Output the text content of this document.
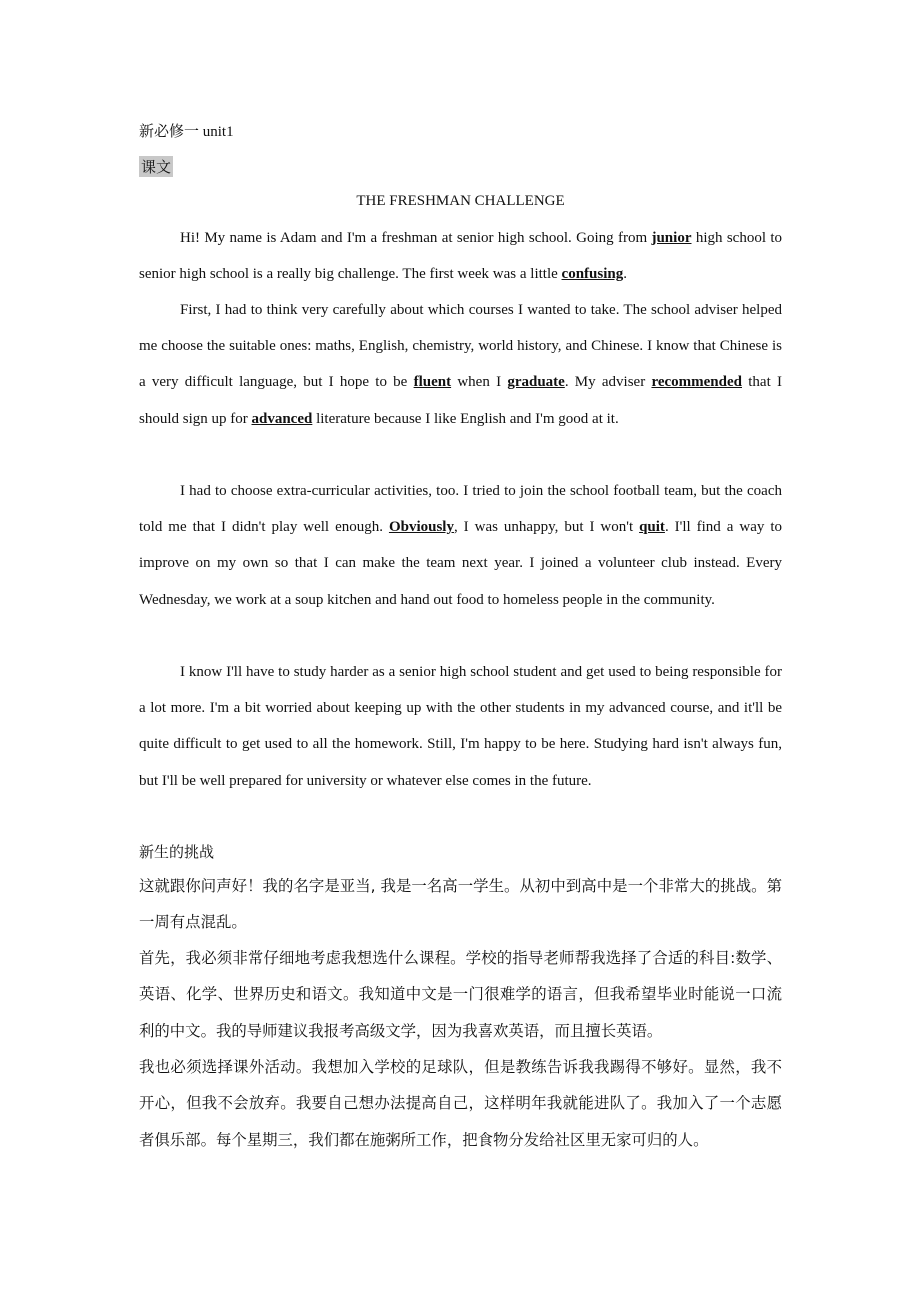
新必修一 unit1
课文
THE FRESHMAN CHALLENGE

Hi! My name is Adam and I'm a freshman at senior high school. Going from junior high school to senior high school is a really big challenge. The first week was a little confusing.

First, I had to think very carefully about which courses I wanted to take. The school adviser helped me choose the suitable ones: maths, English, chemistry, world history, and Chinese. I know that Chinese is a very difficult language, but I hope to be fluent when I graduate. My adviser recommended that I should sign up for advanced literature because I like English and I'm good at it.

I had to choose extra-curricular activities, too. I tried to join the school football team, but the coach told me that I didn't play well enough. Obviously, I was unhappy, but I won't quit. I'll find a way to improve on my own so that I can make the team next year. I joined a volunteer club instead. Every Wednesday, we work at a soup kitchen and hand out food to homeless people in the community.

I know I'll have to study harder as a senior high school student and get used to being responsible for a lot more. I'm a bit worried about keeping up with the other students in my advanced course, and it'll be quite difficult to get used to all the homework. Still, I'm happy to be here. Studying hard isn't always fun, but I'll be well prepared for university or whatever else comes in the future.

新生的挑战

这就跟你问声好！我的名字是亚当, 我是一名高一学生。从初中到高中是一个非常大的挑战。第一周有点混乱。

首先，我必须非常仔细地考虑我想选什么课程。学校的指导老师帮我选择了合适的科目:数学、英语、化学、世界历史和语文。我知道中文是一门很难学的语言，但我希望毕业时能说一口流利的中文。我的导师建议我报考高级文学，因为我喜欢英语，而且擅长英语。

我也必须选择课外活动。我想加入学校的足球队，但是教练告诉我我踢得不够好。显然，我不开心，但我不会放弃。我要自己想办法提高自己，这样明年我就能进队了。我加入了一个志愿者俱乐部。每个星期三，我们都在施粥所工作，把食物分发给社区里无家可归的人。
